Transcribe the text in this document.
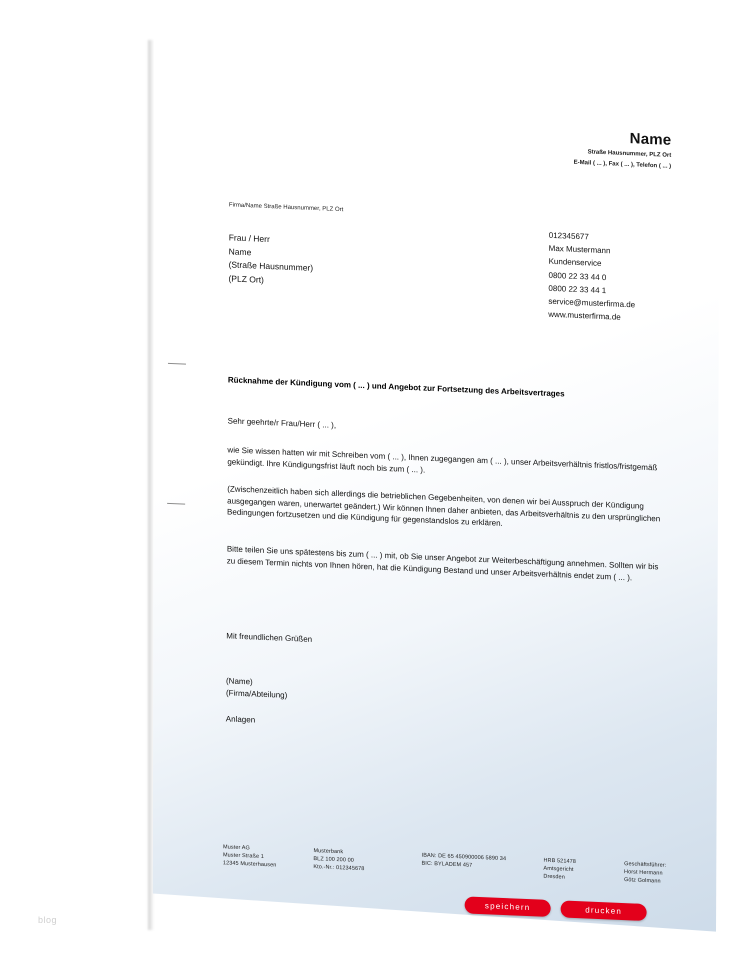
Name
Straße Hausnummer, PLZ Ort
E-Mail ( ... ), Fax ( ... ), Telefon ( ... )
Firma/Name Straße Hausnummer, PLZ Ort
Frau / Herr
Name
(Straße Hausnummer)
(PLZ Ort)
012345677
Max Mustermann
Kundenservice
0800 22 33 44 0
0800 22 33 44 1
service@musterfirma.de
www.musterfirma.de
Rücknahme der Kündigung vom ( ... ) und Angebot zur Fortsetzung des Arbeitsvertrages
Sehr geehrte/r Frau/Herr ( ... ),
wie Sie wissen hatten wir mit Schreiben vom ( ... ), Ihnen zugegangen am ( ... ), unser Arbeitsverhältnis fristlos/fristgemäß gekündigt. Ihre Kündigungsfrist läuft noch bis zum ( ... ).
(Zwischenzeitlich haben sich allerdings die betrieblichen Gegebenheiten, von denen wir bei Ausspruch der Kündigung ausgegangen waren, unerwartet geändert.) Wir können Ihnen daher anbieten, das Arbeitsverhältnis zu den ursprünglichen Bedingungen fortzusetzen und die Kündigung für gegenstandslos zu erklären.
Bitte teilen Sie uns spätestens bis zum ( ... ) mit, ob Sie unser Angebot zur Weiterbeschäftigung annehmen. Sollten wir bis zu diesem Termin nichts von Ihnen hören, hat die Kündigung Bestand und unser Arbeitsverhältnis endet zum ( ... ).
Mit freundlichen Grüßen
(Name)
(Firma/Abteilung)
Anlagen
Muster AG
Muster Straße 1
12345 Musterhausen
Musterbank
BLZ 100 200 00
Kto.-Nr.: 012345678
IBAN: DE 65 450900006 5890 34
BIC: BYLADEM 457	HRB 521478
Amtsgericht
Dresden
Geschäftsführer:
Horst Hermann
Götz Golmann
speichern	drucken
blog
